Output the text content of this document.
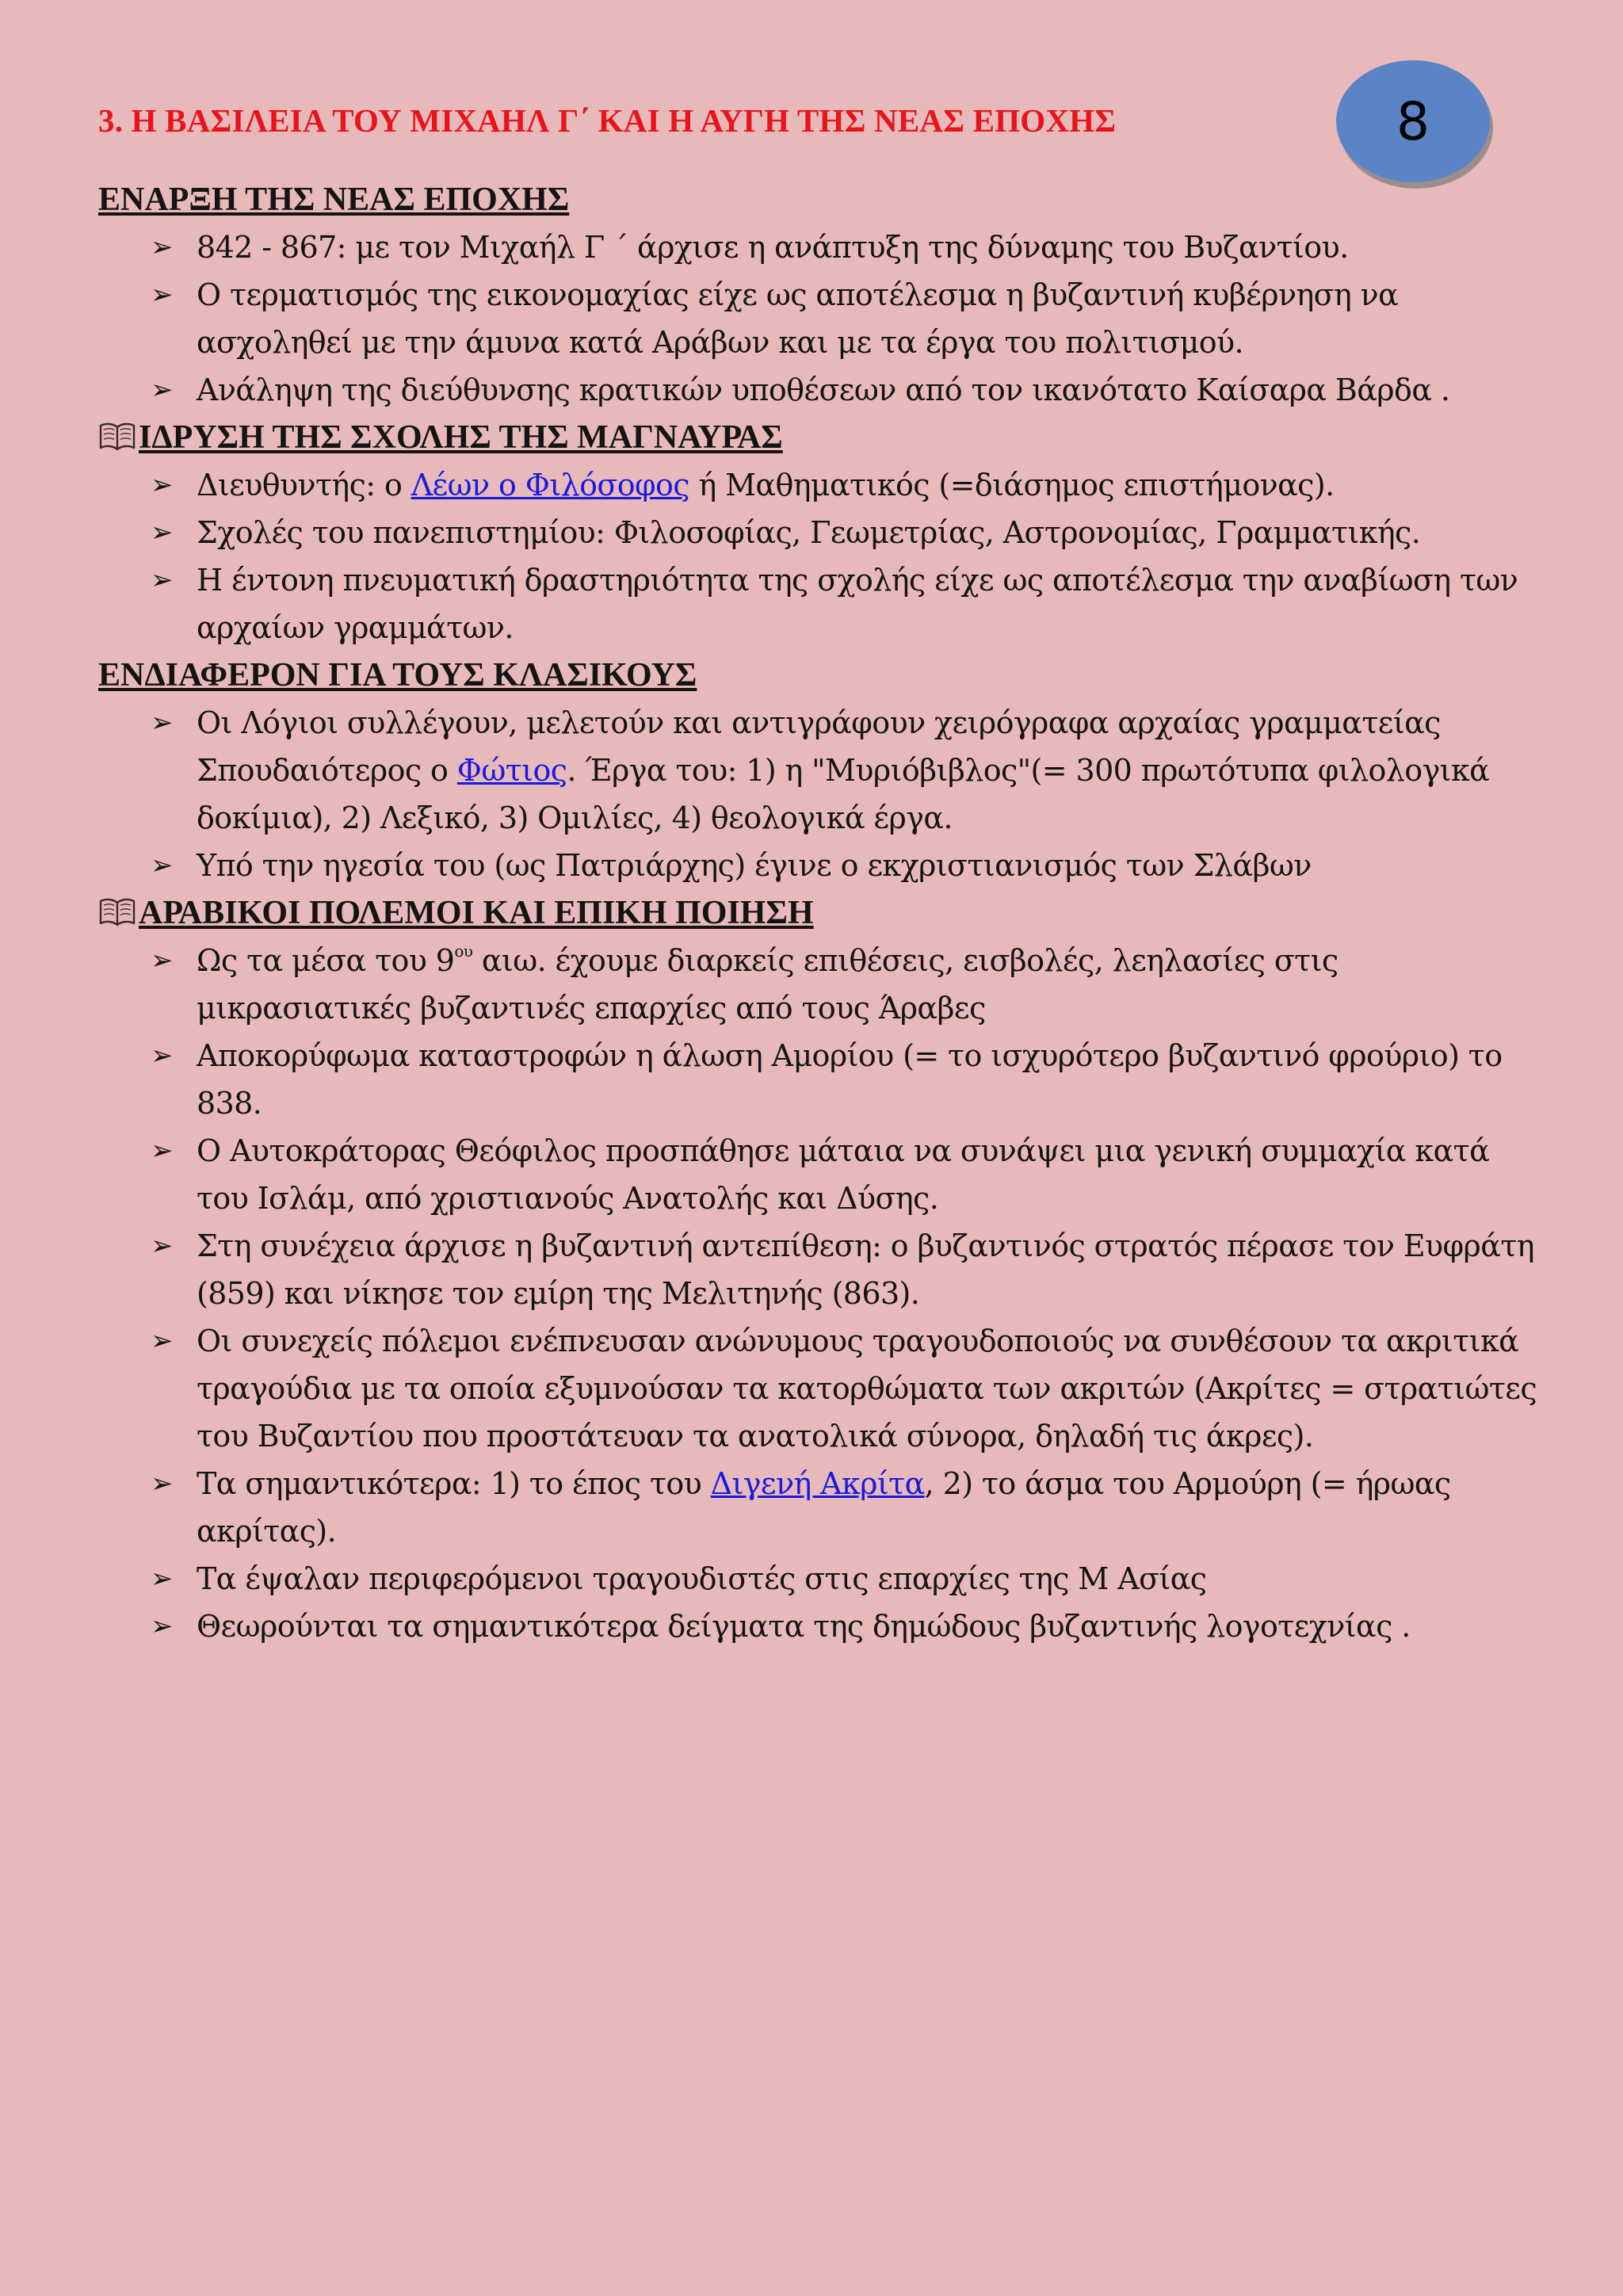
3. Η ΒΑΣΙΛΕΙΑ ΤΟΥ ΜΙΧΑΗΛ Γ΄ ΚΑΙ Η ΑΥΓΗ ΤΗΣ ΝΕΑΣ ΕΠΟΧΗΣ	8
ΕΝΑΡΞΗ ΤΗΣ ΝΕΑΣ ΕΠΟΧΗΣ
➢ 842 - 867: με τον Μιχαήλ Γ ΄ άρχισε η ανάπτυξη της δύναμης του Βυζαντίου.
➢ Ο τερματισμός της εικονομαχίας είχε ως αποτέλεσμα η βυζαντινή κυβέρνηση να ασχοληθεί με την άμυνα κατά Αράβων και με τα έργα του πολιτισμού.
➢ Ανάληψη της διεύθυνσης κρατικών υποθέσεων από τον ικανότατο Καίσαρα Βάρδα .
ΙΔΡΥΣΗ ΤΗΣ ΣΧΟΛΗΣ ΤΗΣ ΜΑΓΝΑΥΡΑΣ
➢ Διευθυντής: ο Λέων ο Φιλόσοφος ή Μαθηματικός (=διάσημος επιστήμονας).
➢ Σχολές του πανεπιστημίου: Φιλοσοφίας, Γεωμετρίας, Αστρονομίας, Γραμματικής.
➢ Η έντονη πνευματική δραστηριότητα της σχολής είχε ως αποτέλεσμα την αναβίωση των αρχαίων γραμμάτων.
ΕΝΔΙΑΦΕΡΟΝ ΓΙΑ ΤΟΥΣ ΚΛΑΣΙΚΟΥΣ
➢ Οι Λόγιοι συλλέγουν, μελετούν και αντιγράφουν χειρόγραφα αρχαίας γραμματείας Σπουδαιότερος ο Φώτιος. Έργα του: 1) η "Μυριόβιβλος"(= 300 πρωτότυπα φιλολογικά δοκίμια), 2) Λεξικό, 3) Ομιλίες, 4) θεολογικά έργα.
➢ Υπό την ηγεσία του (ως Πατριάρχης) έγινε ο εκχριστιανισμός των Σλάβων
ΑΡΑΒΙΚΟΙ ΠΟΛΕΜΟΙ ΚΑΙ ΕΠΙΚΗ ΠΟΙΗΣΗ
➢ Ως τα μέσα του $9^{o\upsilon}$ αιω. έχουμε διαρκείς επιθέσεις, εισβολές, λεηλασίες στις μικρασιατικές βυζαντινές επαρχίες από τους Άραβες
➢ Αποκορύφωμα καταστροφών η άλωση Αμορίου (= το ισχυρότερο βυζαντινό φρούριο) το 838.
➢ Ο Αυτοκράτορας Θεόφιλος προσπάθησε μάταια να συνάψει μια γενική συμμαχία κατά του Ισλάμ, από χριστιανούς Ανατολής και Δύσης.
➢ Στη συνέχεια άρχισε η βυζαντινή αντεπίθεση: ο βυζαντινός στρατός πέρασε τον Ευφράτη (859) και νίκησε τον εμίρη της Μελιτηνής (863).
➢ Οι συνεχείς πόλεμοι ενέπνευσαν ανώνυμους τραγουδοποιούς να συνθέσουν τα ακριτικά τραγούδια με τα οποία εξυμνούσαν τα κατορθώματα των ακριτών (Ακρίτες = στρατιώτες του Βυζαντίου που προστάτευαν τα ανατολικά σύνορα, δηλαδή τις άκρες).
➢ Τα σημαντικότερα: 1) το έπος του Διγενή Ακρίτα, 2) το άσμα του Αρμούρη (= ήρωας ακρίτας).
➢ Τα έψαλαν περιφερόμενοι τραγουδιστές στις επαρχίες της Μ Ασίας
➢ Θεωρούνται τα σημαντικότερα δείγματα της δημώδους βυζαντινής λογοτεχνίας .
